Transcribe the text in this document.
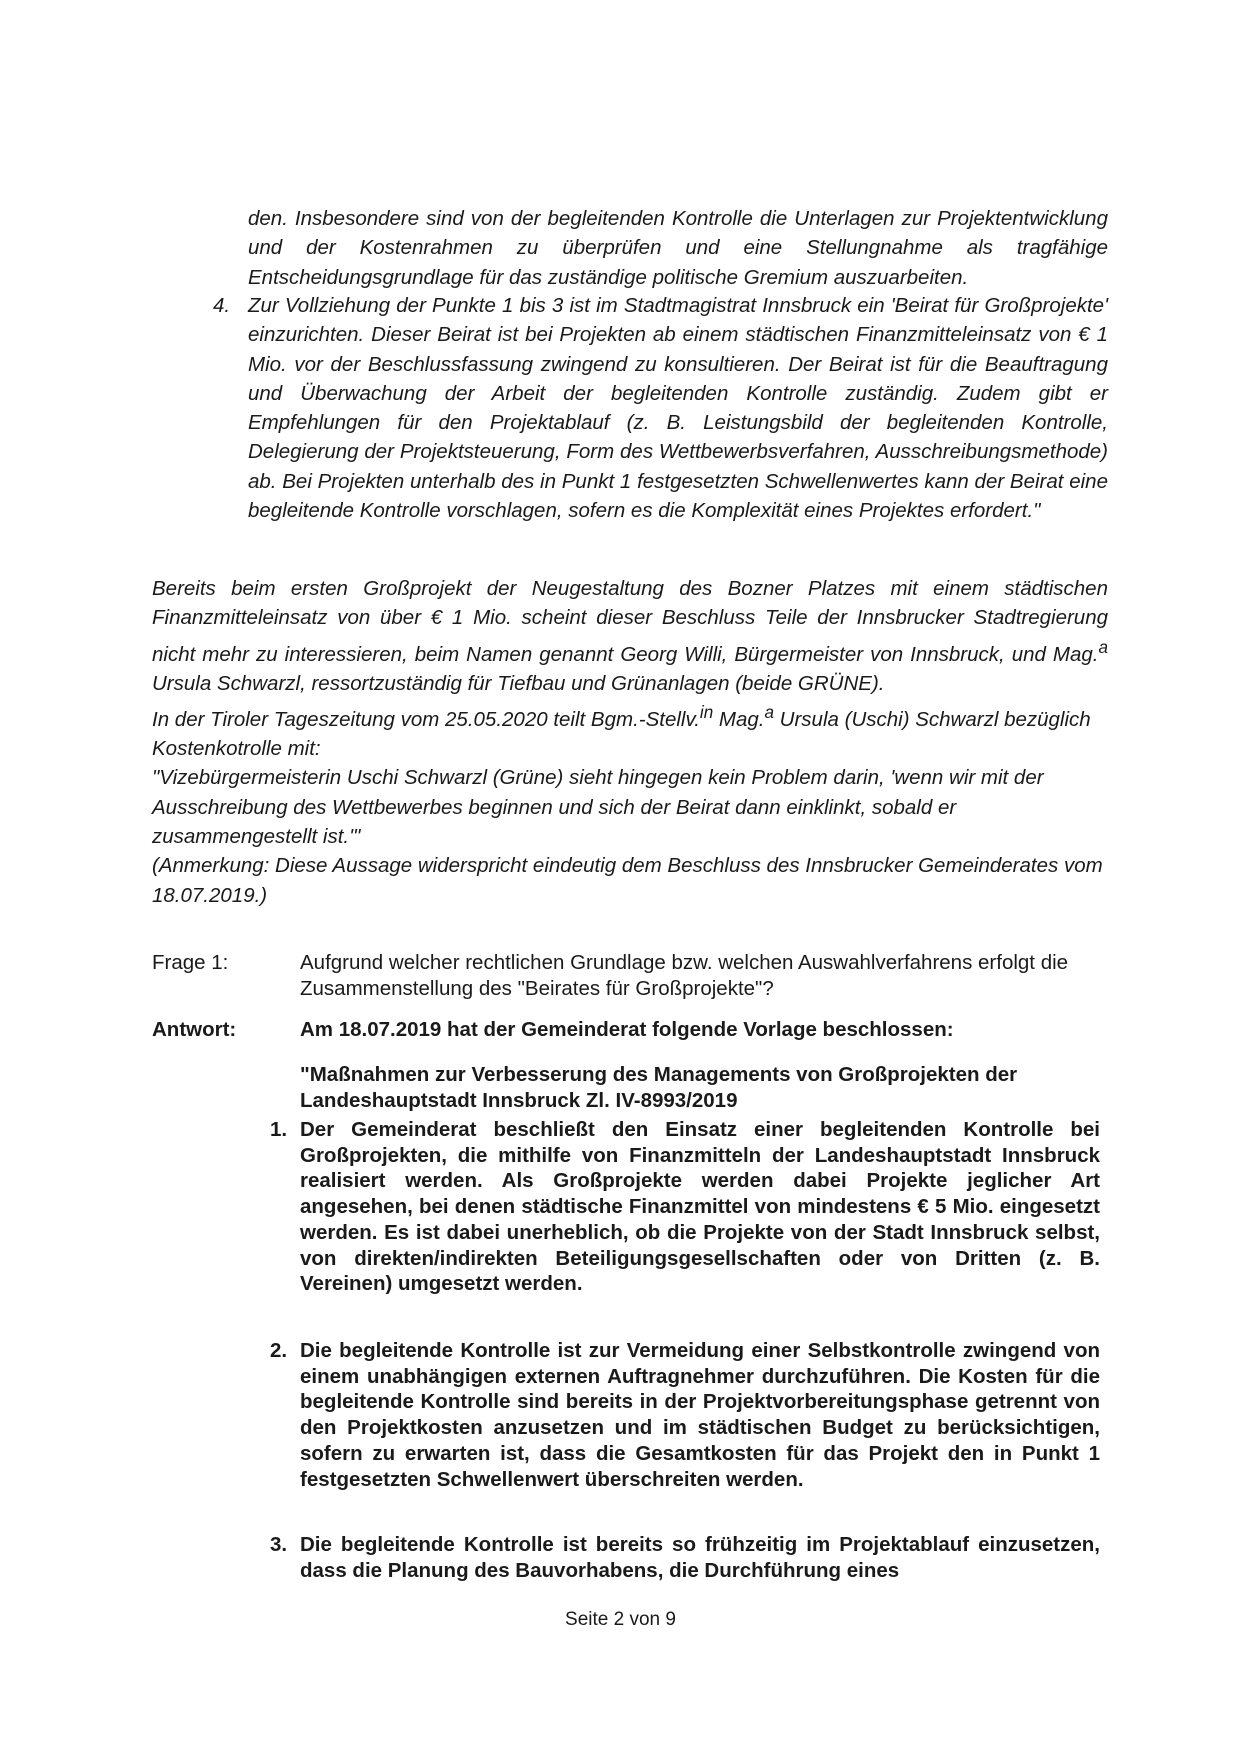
den. Insbesondere sind von der begleitenden Kontrolle die Unterlagen zur Projektentwicklung und der Kostenrahmen zu überprüfen und eine Stellungnahme als tragfähige Entscheidungsgrundlage für das zuständige politische Gremium auszuarbeiten.

4. Zur Vollziehung der Punkte 1 bis 3 ist im Stadtmagistrat Innsbruck ein 'Beirat für Großprojekte' einzurichten. Dieser Beirat ist bei Projekten ab einem städtischen Finanzmitteleinsatz von € 1 Mio. vor der Beschlussfassung zwingend zu konsultieren. Der Beirat ist für die Beauftragung und Überwachung der Arbeit der begleitenden Kontrolle zuständig. Zudem gibt er Empfehlungen für den Projektablauf (z. B. Leistungsbild der begleitenden Kontrolle, Delegierung der Projektsteuerung, Form des Wettbewerbsverfahren, Ausschreibungsmethode) ab. Bei Projekten unterhalb des in Punkt 1 festgesetzten Schwellenwertes kann der Beirat eine begleitende Kontrolle vorschlagen, sofern es die Komplexität eines Projektes erfordert."

Bereits beim ersten Großprojekt der Neugestaltung des Bozner Platzes mit einem städtischen Finanzmitteleinsatz von über € 1 Mio. scheint dieser Beschluss Teile der Innsbrucker Stadtregierung nicht mehr zu interessieren, beim Namen genannt Georg Willi, Bürgermeister von Innsbruck, und Mag.$^a$ Ursula Schwarzl, ressortzuständig für Tiefbau und Grünanlagen (beide GRÜNE).

In der Tiroler Tageszeitung vom 25.05.2020 teilt Bgm.-Stellv.$^{in}$ Mag.$^a$ Ursula (Uschi) Schwarzl bezüglich Kostenkotrolle mit:

"Vizebürgermeisterin Uschi Schwarzl (Grüne) sieht hingegen kein Problem darin, 'wenn wir mit der Ausschreibung des Wettbewerbes beginnen und sich der Beirat dann einklinkt, sobald er zusammengestellt ist.'"

(Anmerkung: Diese Aussage widerspricht eindeutig dem Beschluss des Innsbrucker Gemeinderates vom 18.07.2019.)

Frage 1:	Aufgrund welcher rechtlichen Grundlage bzw. welchen Auswahlverfahrens erfolgt die Zusammenstellung des "Beirates für Großprojekte"?

Antwort:	Am 18.07.2019 hat der Gemeinderat folgende Vorlage beschlossen:

"Maßnahmen zur Verbesserung des Managements von Großprojekten der Landeshauptstadt Innsbruck Zl. IV-8993/2019

1. Der Gemeinderat beschließt den Einsatz einer begleitenden Kontrolle bei Großprojekten, die mithilfe von Finanzmitteln der Landeshauptstadt Innsbruck realisiert werden. Als Großprojekte werden dabei Projekte jeglicher Art angesehen, bei denen städtische Finanzmittel von mindestens € 5 Mio. eingesetzt werden. Es ist dabei unerheblich, ob die Projekte von der Stadt Innsbruck selbst, von direkten/indirekten Beteiligungsgesellschaften oder von Dritten (z. B. Vereinen) umgesetzt werden.

2. Die begleitende Kontrolle ist zur Vermeidung einer Selbstkontrolle zwingend von einem unabhängigen externen Auftragnehmer durchzuführen. Die Kosten für die begleitende Kontrolle sind bereits in der Projektvorbereitungsphase getrennt von den Projektkosten anzusetzen und im städtischen Budget zu berücksichtigen, sofern zu erwarten ist, dass die Gesamtkosten für das Projekt den in Punkt 1 festgesetzten Schwellenwert überschreiten werden.

3. Die begleitende Kontrolle ist bereits so frühzeitig im Projektablauf einzusetzen, dass die Planung des Bauvorhabens, die Durchführung eines

Seite 2 von 9
